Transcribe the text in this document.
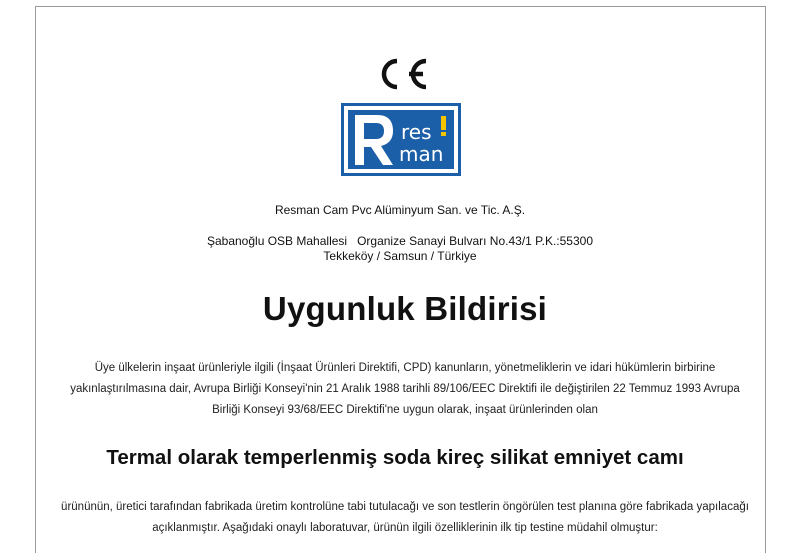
res
man
Resman Cam Pvc Alüminyum San. ve Tic. A.Ş.
Şabanoğlu OSB Mahallesi   Organize Sanayi Bulvarı No.43/1 P.K.:55300
Tekkeköy / Samsun / Türkiye
Uygunluk Bildirisi
Üye ülkelerin inşaat ürünleriyle ilgili (İnşaat Ürünleri Direktifi, CPD) kanunların, yönetmeliklerin ve idari hükümlerin birbirine yakınlaştırılmasına dair, Avrupa Birliği Konseyi'nin 21 Aralık 1988 tarihli 89/106/EEC Direktifi ile değiştirilen 22 Temmuz 1993 Avrupa Birliği Konseyi 93/68/EEC Direktifi'ne uygun olarak, inşaat ürünlerinden olan
Termal olarak temperlenmiş soda kireç silikat emniyet camı
ürününün, üretici tarafından fabrikada üretim kontrolüne tabi tutulacağı ve son testlerin öngörülen test planına göre fabrikada yapılacağı açıklanmıştır. Aşağıdaki onaylı laboratuvar, ürünün ilgili özelliklerinin ilk tip testine müdahil olmuştur:
